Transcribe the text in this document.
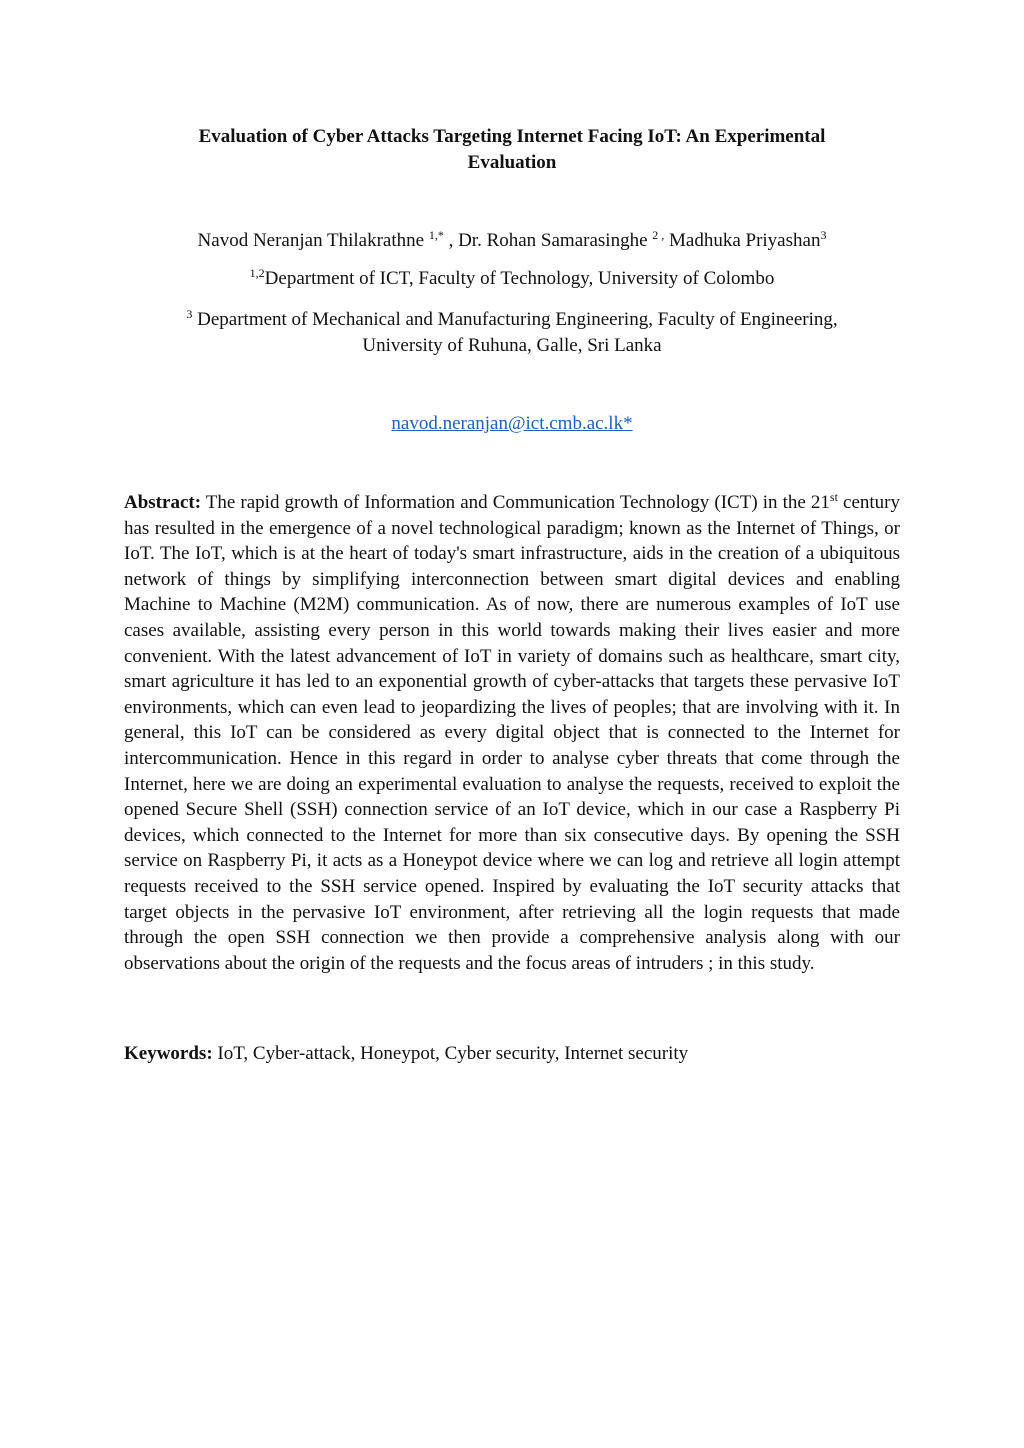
Evaluation of Cyber Attacks Targeting Internet Facing IoT: An Experimental
Evaluation
Navod Neranjan Thilakrathne $^{1,*}$ , Dr. Rohan Samarasinghe $^{2 ,}$ Madhuka Priyashan$^3$
$^{1,2}$Department of ICT, Faculty of Technology, University of Colombo
$^3$ Department of Mechanical and Manufacturing Engineering, Faculty of Engineering,
University of Ruhuna, Galle, Sri Lanka
navod.neranjan@ict.cmb.ac.lk*
Abstract: The rapid growth of Information and Communication Technology (ICT) in the 21st century has resulted in the emergence of a novel technological paradigm; known as the Internet of Things, or IoT. The IoT, which is at the heart of today's smart infrastructure, aids in the creation of a ubiquitous network of things by simplifying interconnection between smart digital devices and enabling Machine to Machine (M2M) communication. As of now, there are numerous examples of IoT use cases available, assisting every person in this world towards making their lives easier and more convenient. With the latest advancement of IoT in variety of domains such as healthcare, smart city, smart agriculture it has led to an exponential growth of cyber-attacks that targets these pervasive IoT environments, which can even lead to jeopardizing the lives of peoples; that are involving with it. In general, this IoT can be considered as every digital object that is connected to the Internet for intercommunication. Hence in this regard in order to analyse cyber threats that come through the Internet, here we are doing an experimental evaluation to analyse the requests, received to exploit the opened Secure Shell (SSH) connection service of an IoT device, which in our case a Raspberry Pi devices, which connected to the Internet for more than six consecutive days. By opening the SSH service on Raspberry Pi, it acts as a Honeypot device where we can log and retrieve all login attempt requests received to the SSH service opened. Inspired by evaluating the IoT security attacks that target objects in the pervasive IoT environment, after retrieving all the login requests that made through the open SSH connection we then provide a comprehensive analysis along with our observations about the origin of the requests and the focus areas of intruders ; in this study.
Keywords: IoT, Cyber-attack, Honeypot, Cyber security, Internet security
